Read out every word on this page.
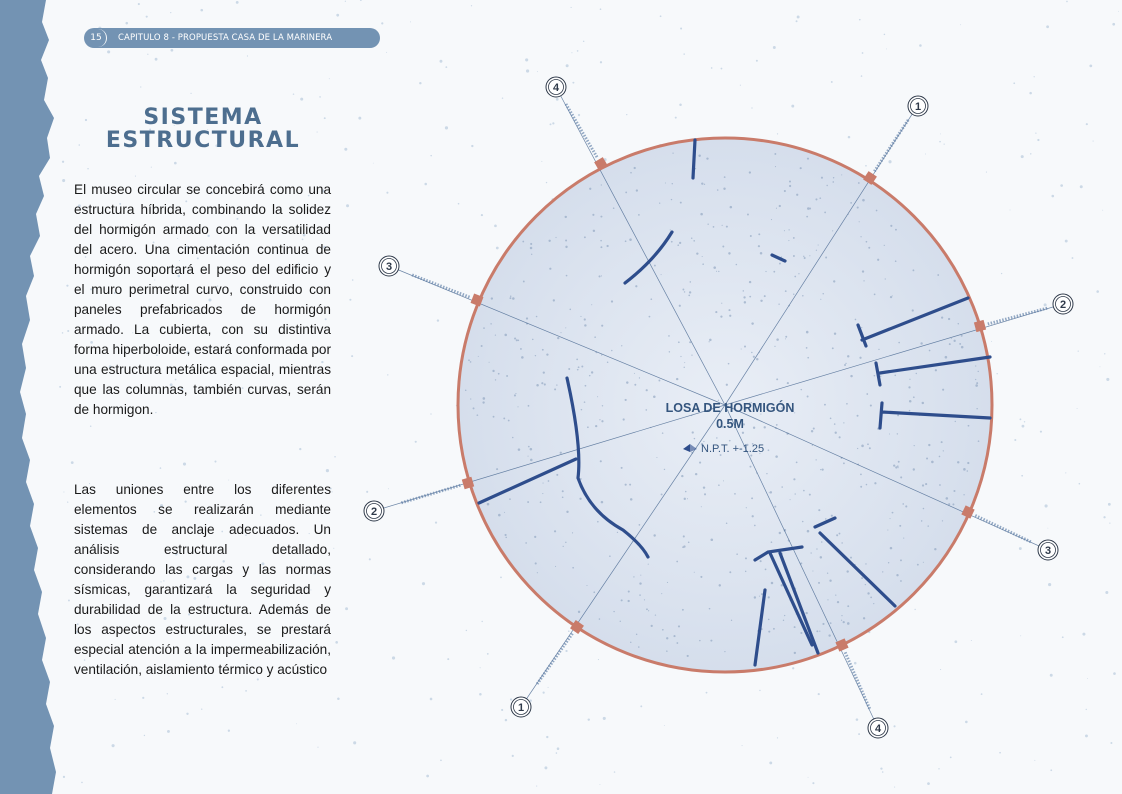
15	CAPITULO 8 - PROPUESTA CASA DE LA MARINERA
SISTEMA
ESTRUCTURAL

El museo circular se concebirá como una estructura híbrida, combinando la solidez del hormigón armado con la versatilidad del acero. Una cimentación continua de hormigón soportará el peso del edificio y el muro perimetral curvo, construido con paneles prefabricados de hormigón armado. La cubierta, con su distintiva forma hiperboloide, estará conformada por una estructura metálica espacial, mientras que las columnas, también curvas, serán de hormigon.

Las uniones entre los diferentes elementos se realizarán mediante sistemas de anclaje adecuados. Un análisis estructural detallado, considerando las cargas y las normas sísmicas, garantizará la seguridad y durabilidad de la estructura. Además de los aspectos estructurales, se prestará especial atención a la impermeabilización, ventilación, aislamiento térmico y acústico

1
2
3
4
1
2
3
4
LOSA DE HORMIGÓN
0.5M
N.P.T. +-1.25
